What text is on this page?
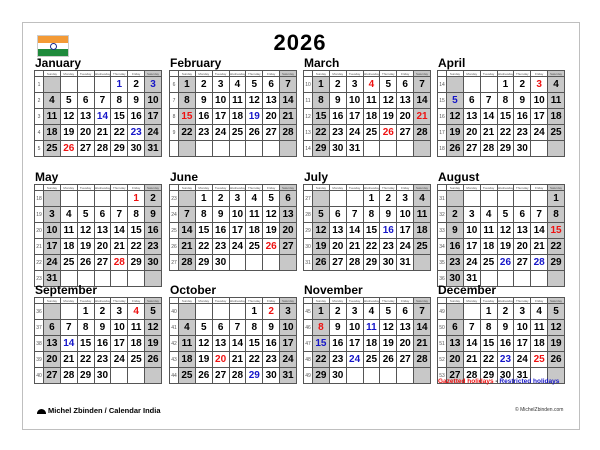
2026
January
	Sunday	Monday	Tuesday	Wednesday	Thursday	Friday	Saturday
1					1	2	3
2	4	5	6	7	8	9	10
3	11	12	13	14	15	16	17
4	18	19	20	21	22	23	24
5	25	26	27	28	29	30	31
February
	Sunday	Monday	Tuesday	Wednesday	Thursday	Friday	Saturday
6	1	2	3	4	5	6	7
7	8	9	10	11	12	13	14
8	15	16	17	18	19	20	21
9	22	23	24	25	26	27	28

March
	Sunday	Monday	Tuesday	Wednesday	Thursday	Friday	Saturday
10	1	2	3	4	5	6	7
11	8	9	10	11	12	13	14
12	15	16	17	18	19	20	21
13	22	23	24	25	26	27	28
14	29	30	31				
April
	Sunday	Monday	Tuesday	Wednesday	Thursday	Friday	Saturday
14				1	2	3	4
15	5	6	7	8	9	10	11
16	12	13	14	15	16	17	18
17	19	20	21	22	23	24	25
18	26	27	28	29	30		
May
	Sunday	Monday	Tuesday	Wednesday	Thursday	Friday	Saturday
18						1	2
19	3	4	5	6	7	8	9
20	10	11	12	13	14	15	16
21	17	18	19	20	21	22	23
22	24	25	26	27	28	29	30
23	31						
June
	Sunday	Monday	Tuesday	Wednesday	Thursday	Friday	Saturday
23		1	2	3	4	5	6
24	7	8	9	10	11	12	13
25	14	15	16	17	18	19	20
26	21	22	23	24	25	26	27
27	28	29	30				
July
	Sunday	Monday	Tuesday	Wednesday	Thursday	Friday	Saturday
27				1	2	3	4
28	5	6	7	8	9	10	11
29	12	13	14	15	16	17	18
30	19	20	21	22	23	24	25
31	26	27	28	29	30	31	
August
	Sunday	Monday	Tuesday	Wednesday	Thursday	Friday	Saturday
31							1
32	2	3	4	5	6	7	8
33	9	10	11	12	13	14	15
34	16	17	18	19	20	21	22
35	23	24	25	26	27	28	29
36	30	31					
September
	Sunday	Monday	Tuesday	Wednesday	Thursday	Friday	Saturday
36			1	2	3	4	5
37	6	7	8	9	10	11	12
38	13	14	15	16	17	18	19
39	20	21	22	23	24	25	26
40	27	28	29	30			
October
	Sunday	Monday	Tuesday	Wednesday	Thursday	Friday	Saturday
40					1	2	3
41	4	5	6	7	8	9	10
42	11	12	13	14	15	16	17
43	18	19	20	21	22	23	24
44	25	26	27	28	29	30	31
November
	Sunday	Monday	Tuesday	Wednesday	Thursday	Friday	Saturday
45	1	2	3	4	5	6	7
46	8	9	10	11	12	13	14
47	15	16	17	18	19	20	21
48	22	23	24	25	26	27	28
49	29	30					
December
	Sunday	Monday	Tuesday	Wednesday	Thursday	Friday	Saturday
49			1	2	3	4	5
50	6	7	8	9	10	11	12
51	13	14	15	16	17	18	19
52	20	21	22	23	24	25	26
53	27	28	29	30	31		
Gazetted holidays - Restricted holidays
Michel Zbinden / Calendar India	© MichelZbinden.com
